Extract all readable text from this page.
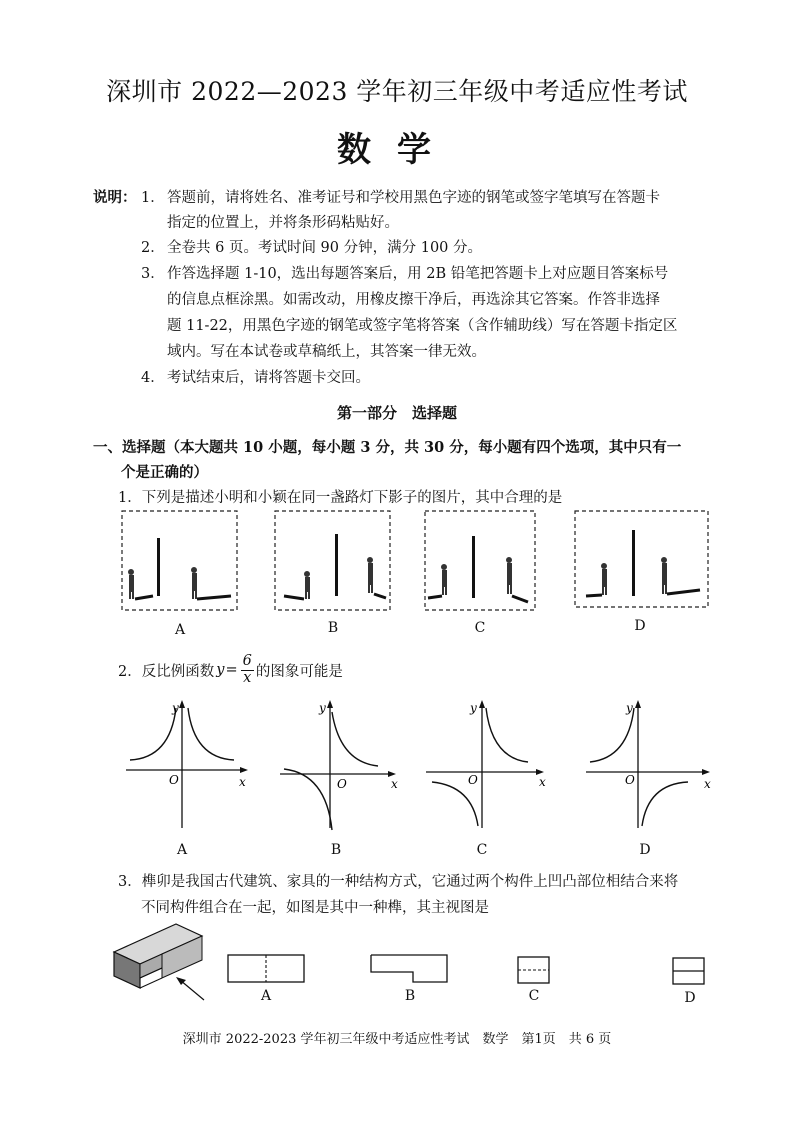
深圳市 2022—2023 学年初三年级中考适应性考试
数学
说明： 1． 答题前，请将姓名、准考证号和学校用黑色字迹的钢笔或签字笔填写在答题卡
指定的位置上，并将条形码粘贴好。
2． 全卷共 6 页。考试时间 90 分钟，满分 100 分。
3． 作答选择题 1-10，选出每题答案后，用 2B 铅笔把答题卡上对应题目答案标号
的信息点框涂黑。如需改动，用橡皮擦干净后，再选涂其它答案。作答非选择
题 11-22，用黑色字迹的钢笔或签字笔将答案（含作辅助线）写在答题卡指定区
域内。写在本试卷或草稿纸上，其答案一律无效。
4． 考试结束后，请将答题卡交回。
第一部分　选择题
一、选择题（本大题共 10 小题，每小题 3 分，共 30 分，每小题有四个选项，其中只有一
个是正确的）
1．下列是描述小明和小颖在同一盏路灯下影子的图片，其中合理的是
A	B	C	D
2．反比例函数 $y = \frac{6}{x}$ 的图象可能是
y
x
O
A
y
x
O
B
y
x
O
C
y
x
O
D
3．榫卯是我国古代建筑、家具的一种结构方式，它通过两个构件上凹凸部位相结合来将
不同构件组合在一起，如图是其中一种榫，其主视图是
A	B	C	D
深圳市 2022-2023 学年初三年级中考适应性考试　数学　第1页　共 6 页
